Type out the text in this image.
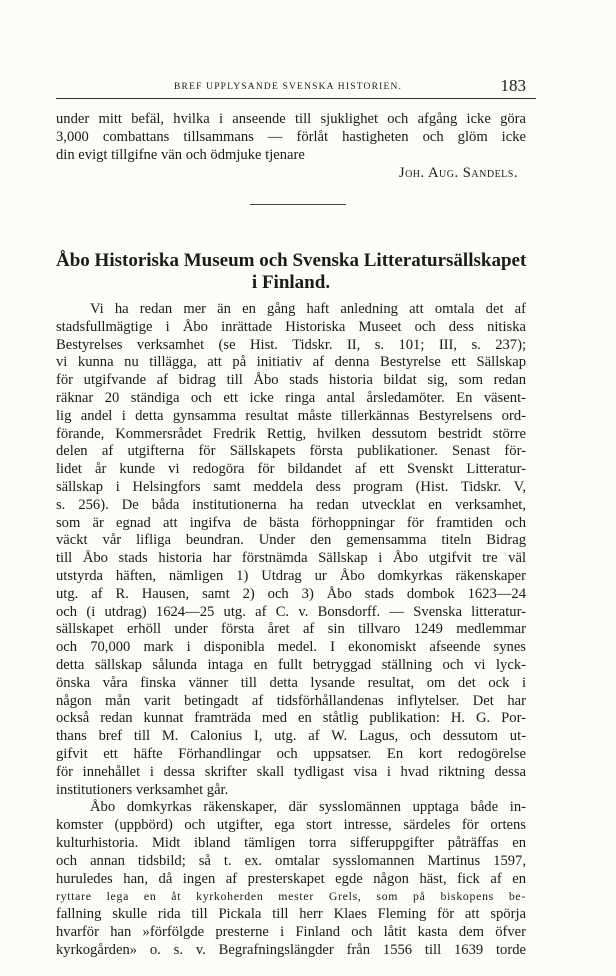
BREF UPPLYSANDE SVENSKA HISTORIEN.	183
under mitt befäl, hvilka i anseende till sjuklighet och afgång icke göra
3,000 combattans tillsammans — förlåt hastigheten och glöm icke
din evigt tillgifne vän och ödmjuke tjenare
Joh. Aug. Sandels.
Åbo Historiska Museum och Svenska Litteratursällskapet
i Finland.
Vi ha redan mer än en gång haft anledning att omtala det af
stadsfullmägtige i Åbo inrättade Historiska Museet och dess nitiska
Bestyrelses verksamhet (se Hist. Tidskr. II, s. 101; III, s. 237);
vi kunna nu tillägga, att på initiativ af denna Bestyrelse ett Sällskap
för utgifvande af bidrag till Åbo stads historia bildat sig, som redan
räknar 20 ständiga och ett icke ringa antal årsledamöter. En väsent-
lig andel i detta gynsamma resultat måste tillerkännas Bestyrelsens ord-
förande, Kommersrådet Fredrik Rettig, hvilken dessutom bestridt större
delen af utgifterna för Sällskapets första publikationer. Senast för-
lidet år kunde vi redogöra för bildandet af ett Svenskt Litteratur-
sällskap i Helsingfors samt meddela dess program (Hist. Tidskr. V,
s. 256). De båda institutionerna ha redan utvecklat en verksamhet,
som är egnad att ingifva de bästa förhoppningar för framtiden och
väckt vår lifliga beundran. Under den gemensamma titeln Bidrag
till Åbo stads historia har förstnämda Sällskap i Åbo utgifvit tre väl
utstyrda häften, nämligen 1) Utdrag ur Åbo domkyrkas räkenskaper
utg. af R. Hausen, samt 2) och 3) Åbo stads dombok 1623—24
och (i utdrag) 1624—25 utg. af C. v. Bonsdorff. — Svenska litteratur-
sällskapet erhöll under första året af sin tillvaro 1249 medlemmar
och 70,000 mark i disponibla medel. I ekonomiskt afseende synes
detta sällskap sålunda intaga en fullt betryggad ställning och vi lyck-
önska våra finska vänner till detta lysande resultat, om det ock i
någon mån varit betingadt af tidsförhållandenas inflytelser. Det har
också redan kunnat framträda med en ståtlig publikation: H. G. Por-
thans bref till M. Calonius I, utg. af W. Lagus, och dessutom ut-
gifvit ett häfte Förhandlingar och uppsatser. En kort redogörelse
för innehållet i dessa skrifter skall tydligast visa i hvad riktning dessa
institutioners verksamhet går.
Åbo domkyrkas räkenskaper, där sysslomännen upptaga både in-
komster (uppbörd) och utgifter, ega stort intresse, särdeles för ortens
kulturhistoria. Midt ibland tämligen torra sifferuppgifter påträffas en
och annan tidsbild; så t. ex. omtalar sysslomannen Martinus 1597,
huruledes han, då ingen af presterskapet egde någon häst, fick af en
ryttare lega en åt kyrkoherden mester Grels, som på biskopens be-
fallning skulle rida till Pickala till herr Klaes Fleming för att spörja
hvarför han »förfölgde presterne i Finland och låtit kasta dem öfver
kyrkogården» o. s. v. Begrafningslängder från 1556 till 1639 torde
